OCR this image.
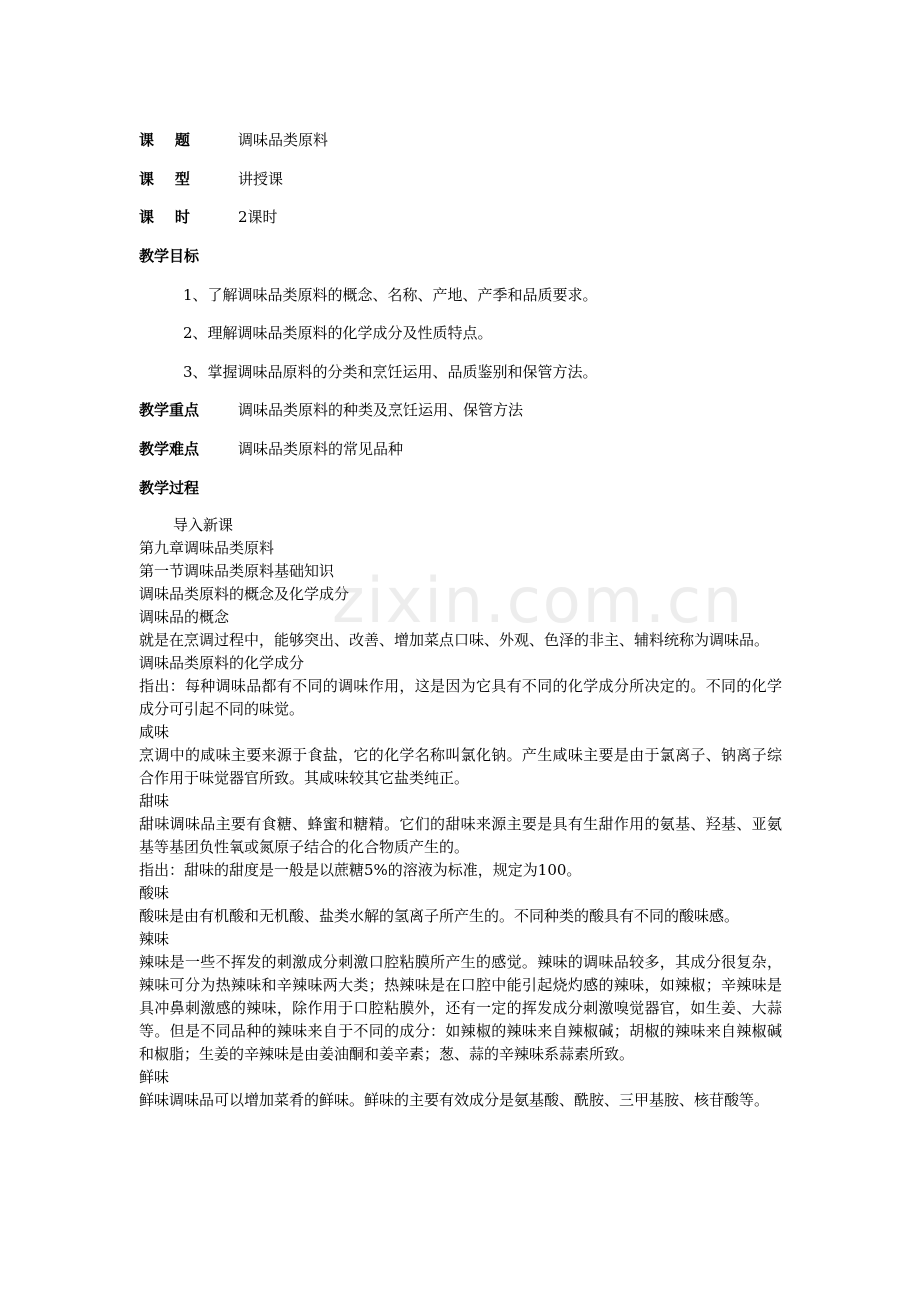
课    题	调味品类原料
课    型	讲授课
课    时	2课时
教学目标
1、了解调味品类原料的概念、名称、产地、产季和品质要求。
2、理解调味品类原料的化学成分及性质特点。
3、掌握调味品原料的分类和烹饪运用、品质鉴别和保管方法。
教学重点	调味品类原料的种类及烹饪运用、保管方法
教学难点	调味品类原料的常见品种
教学过程

导入新课

第九章调味品类原料

第一节调味品类原料基础知识

调味品类原料的概念及化学成分

调味品的概念

就是在烹调过程中，能够突出、改善、增加菜点口味、外观、色泽的非主、辅料统称为调味品。

调味品类原料的化学成分

指出：每种调味品都有不同的调味作用，这是因为它具有不同的化学成分所决定的。不同的化学成分可引起不同的味觉。

咸味

烹调中的咸味主要来源于食盐，它的化学名称叫氯化钠。产生咸味主要是由于氯离子、钠离子综合作用于味觉器官所致。其咸味较其它盐类纯正。

甜味

甜味调味品主要有食糖、蜂蜜和糖精。它们的甜味来源主要是具有生甜作用的氨基、羟基、亚氨基等基团负性氧或氮原子结合的化合物质产生的。

指出：甜味的甜度是一般是以蔗糖5%的溶液为标准，规定为100。

酸味

酸味是由有机酸和无机酸、盐类水解的氢离子所产生的。不同种类的酸具有不同的酸味感。

辣味

辣味是一些不挥发的刺激成分刺激口腔粘膜所产生的感觉。辣味的调味品较多，其成分很复杂，辣味可分为热辣味和辛辣味两大类；热辣味是在口腔中能引起烧灼感的辣味，如辣椒；辛辣味是具冲鼻刺激感的辣味，除作用于口腔粘膜外，还有一定的挥发成分刺激嗅觉器官，如生姜、大蒜等。但是不同品种的辣味来自于不同的成分：如辣椒的辣味来自辣椒碱；胡椒的辣味来自辣椒碱和椒脂；生姜的辛辣味是由姜油酮和姜辛素；葱、蒜的辛辣味系蒜素所致。

鲜味

鲜味调味品可以增加菜肴的鲜味。鲜味的主要有效成分是氨基酸、酰胺、三甲基胺、核苷酸等。

zixin.com.cn
